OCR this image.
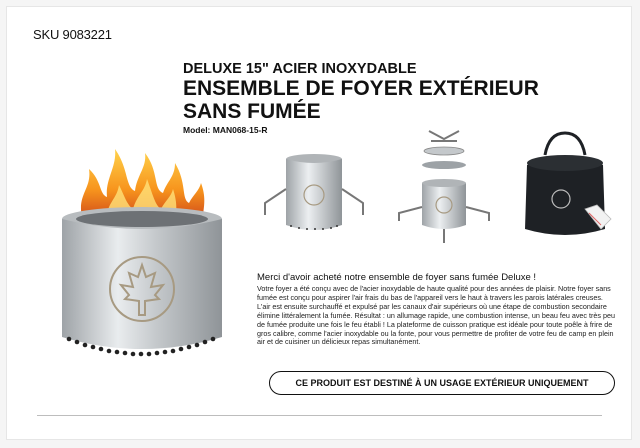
SKU 9083221
DELUXE 15" ACIER INOXYDABLE
ENSEMBLE DE FOYER EXTÉRIEUR
SANS FUMÉE
Model: MAN068-15-R

Merci d'avoir acheté notre ensemble de foyer sans fumée Deluxe !

Votre foyer a été conçu avec de l'acier inoxydable de haute qualité pour des années de plaisir. Notre foyer sans fumée est conçu pour aspirer l'air frais du bas de l'appareil vers le haut à travers les parois latérales creuses. L'air est ensuite surchauffé et expulsé par les canaux d'air supérieurs où une étape de combustion secondaire élimine littéralement la fumée. Résultat : un allumage rapide, une combustion intense, un beau feu avec très peu de fumée produite une fois le feu établi ! La plateforme de cuisson pratique est idéale pour toute poêle à frire de gros calibre, comme l'acier inoxydable ou la fonte, pour vous permettre de profiter de votre feu de camp en plein air et de cuisiner un délicieux repas simultanément.

CE PRODUIT EST DESTINÉ À UN USAGE EXTÉRIEUR UNIQUEMENT
